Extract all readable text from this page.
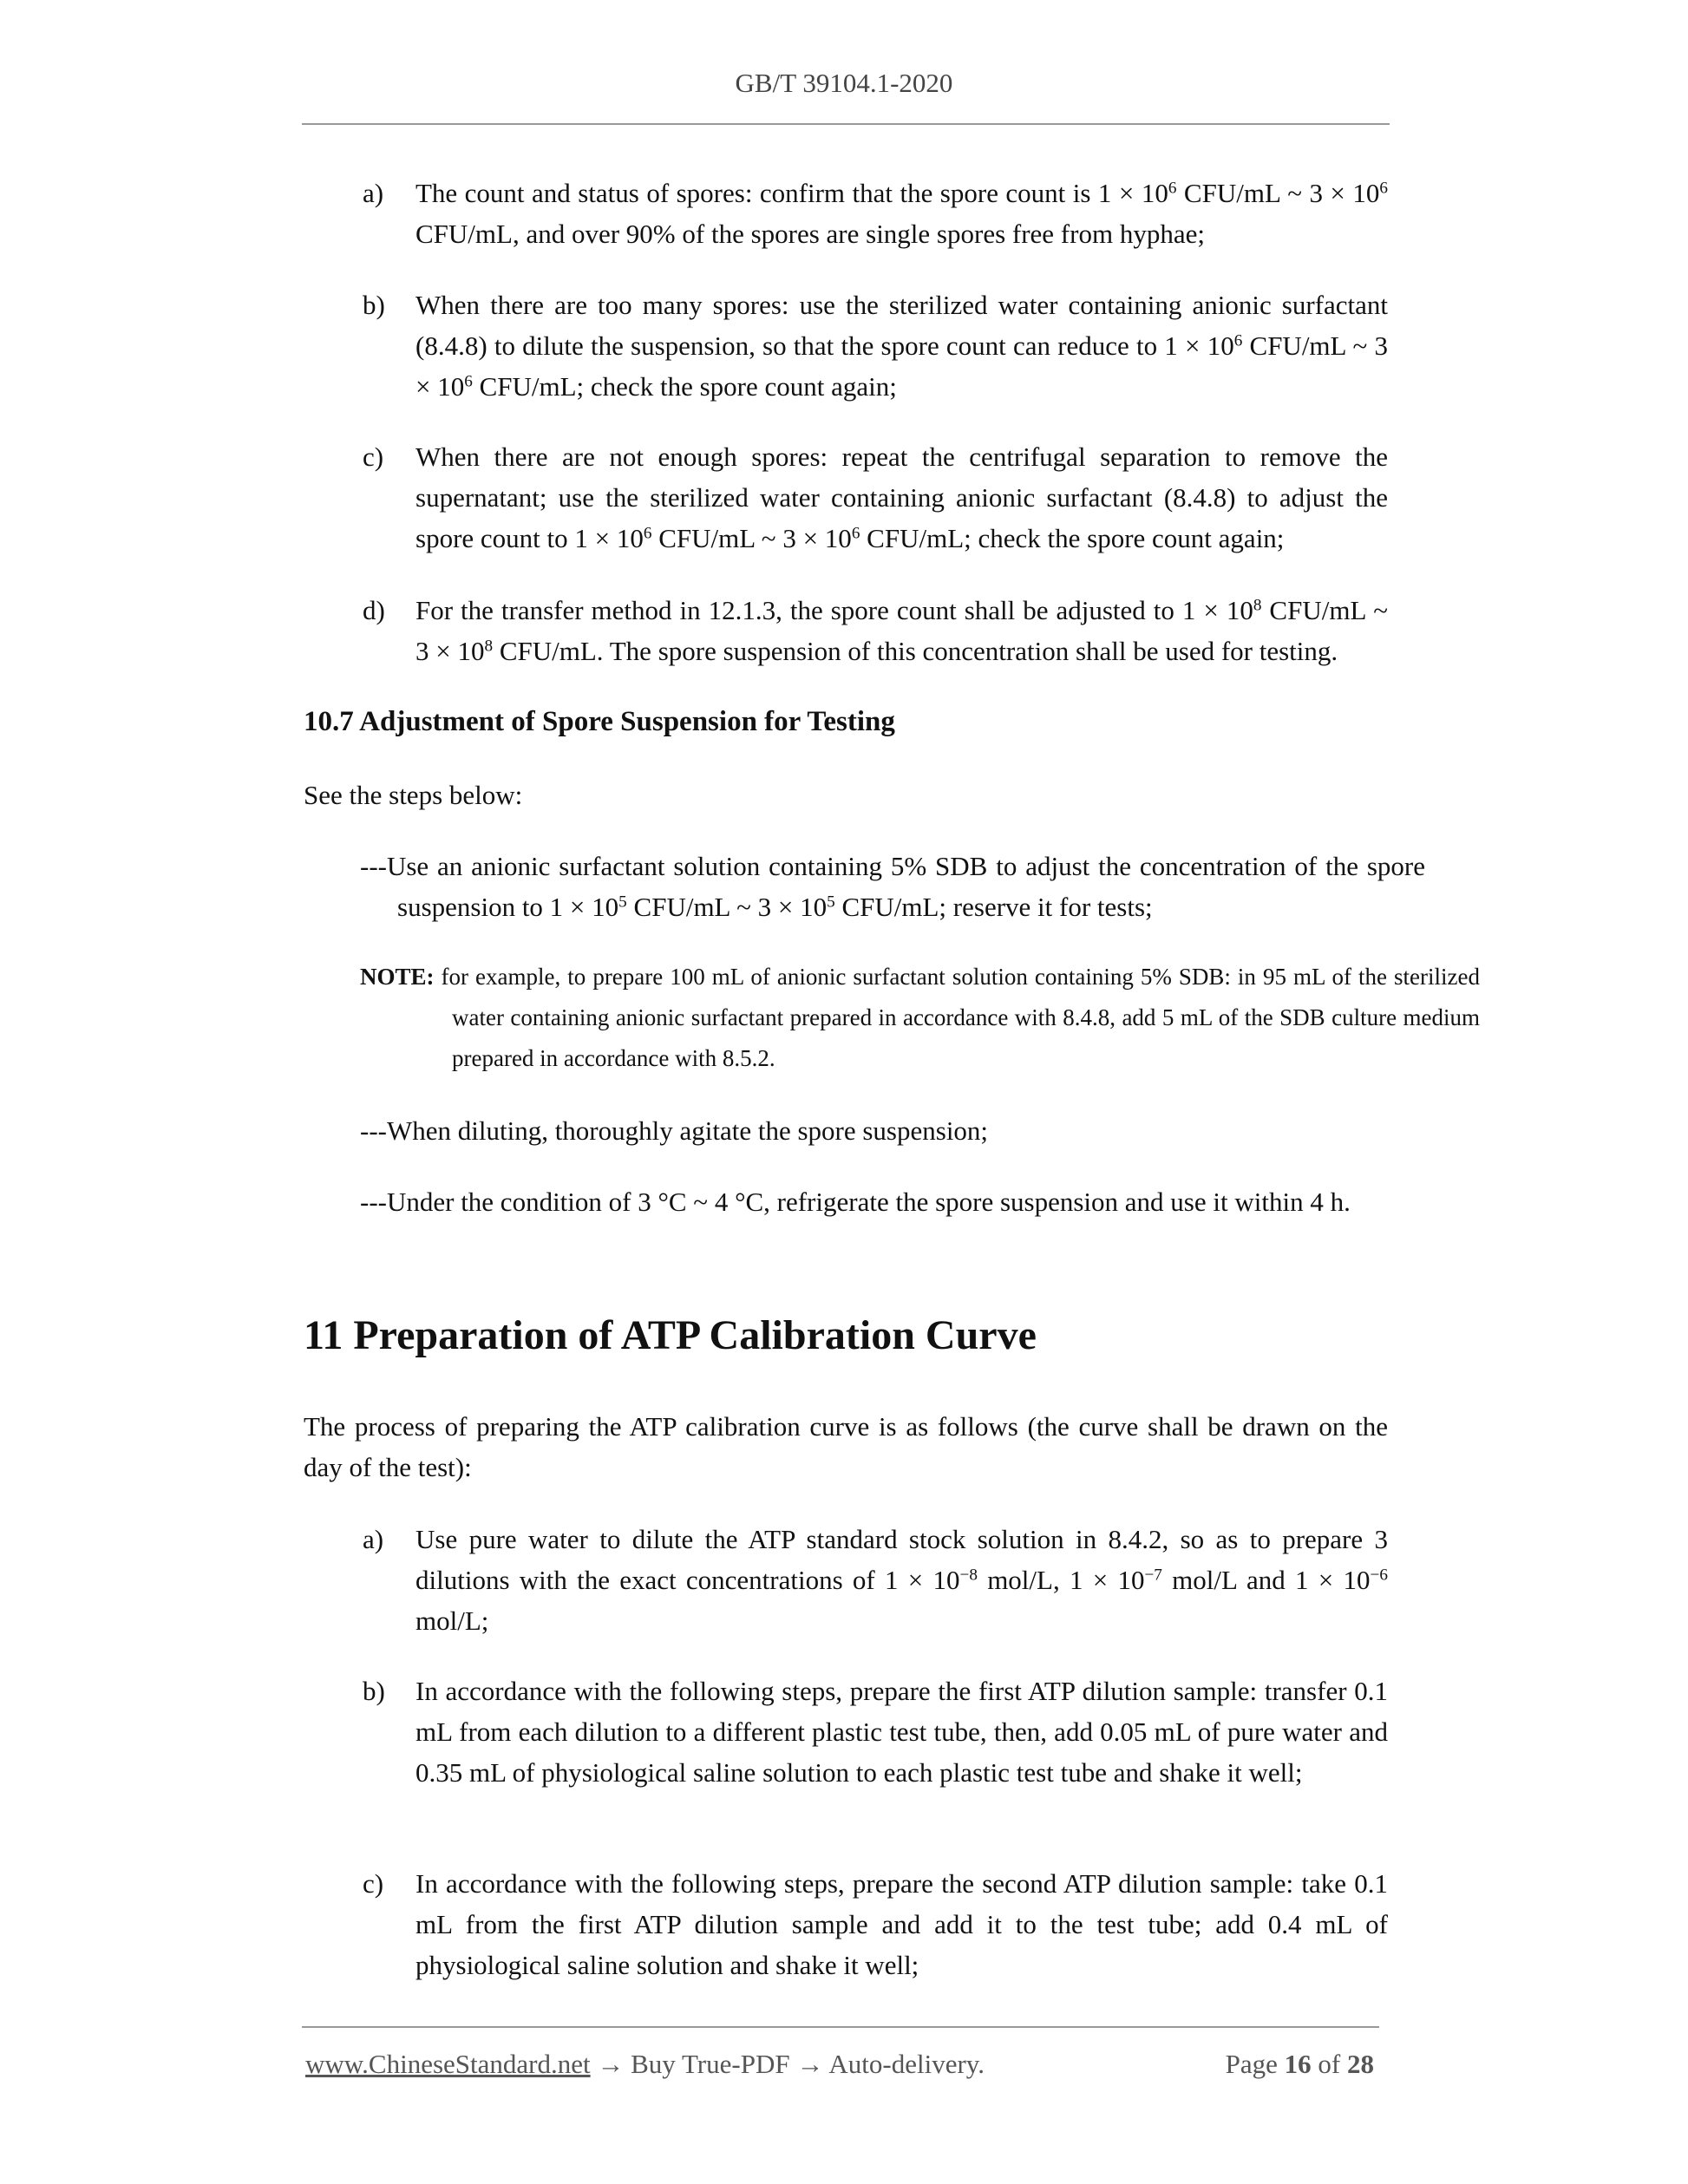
GB/T 39104.1-2020
a) The count and status of spores: confirm that the spore count is $1 \times 10^6$ CFU/mL ~ $3 \times 10^6$ CFU/mL, and over 90% of the spores are single spores free from hyphae;
b) When there are too many spores: use the sterilized water containing anionic surfactant (8.4.8) to dilute the suspension, so that the spore count can reduce to $1 \times 10^6$ CFU/mL ~ $3 \times 10^6$ CFU/mL; check the spore count again;
c) When there are not enough spores: repeat the centrifugal separation to remove the supernatant; use the sterilized water containing anionic surfactant (8.4.8) to adjust the spore count to $1 \times 10^6$ CFU/mL ~ $3 \times 10^6$ CFU/mL; check the spore count again;
d) For the transfer method in 12.1.3, the spore count shall be adjusted to $1 \times 10^8$ CFU/mL ~ $3 \times 10^8$ CFU/mL. The spore suspension of this concentration shall be used for testing.
10.7 Adjustment of Spore Suspension for Testing
See the steps below:
---Use an anionic surfactant solution containing 5% SDB to adjust the concentration of the spore suspension to $1 \times 10^5$ CFU/mL ~ $3 \times 10^5$ CFU/mL; reserve it for tests;
NOTE: for example, to prepare 100 mL of anionic surfactant solution containing 5% SDB: in 95 mL of the sterilized water containing anionic surfactant prepared in accordance with 8.4.8, add 5 mL of the SDB culture medium prepared in accordance with 8.5.2.
---When diluting, thoroughly agitate the spore suspension;
---Under the condition of 3 °C ~ 4 °C, refrigerate the spore suspension and use it within 4 h.
11 Preparation of ATP Calibration Curve
The process of preparing the ATP calibration curve is as follows (the curve shall be drawn on the day of the test):
a) Use pure water to dilute the ATP standard stock solution in 8.4.2, so as to prepare 3 dilutions with the exact concentrations of $1 \times 10^{-8}$ mol/L, $1 \times 10^{-7}$ mol/L and $1 \times 10^{-6}$ mol/L;
b) In accordance with the following steps, prepare the first ATP dilution sample: transfer 0.1 mL from each dilution to a different plastic test tube, then, add 0.05 mL of pure water and 0.35 mL of physiological saline solution to each plastic test tube and shake it well;
c) In accordance with the following steps, prepare the second ATP dilution sample: take 0.1 mL from the first ATP dilution sample and add it to the test tube; add 0.4 mL of physiological saline solution and shake it well;
www.ChineseStandard.net → Buy True-PDF → Auto-delivery.	Page 16 of 28
